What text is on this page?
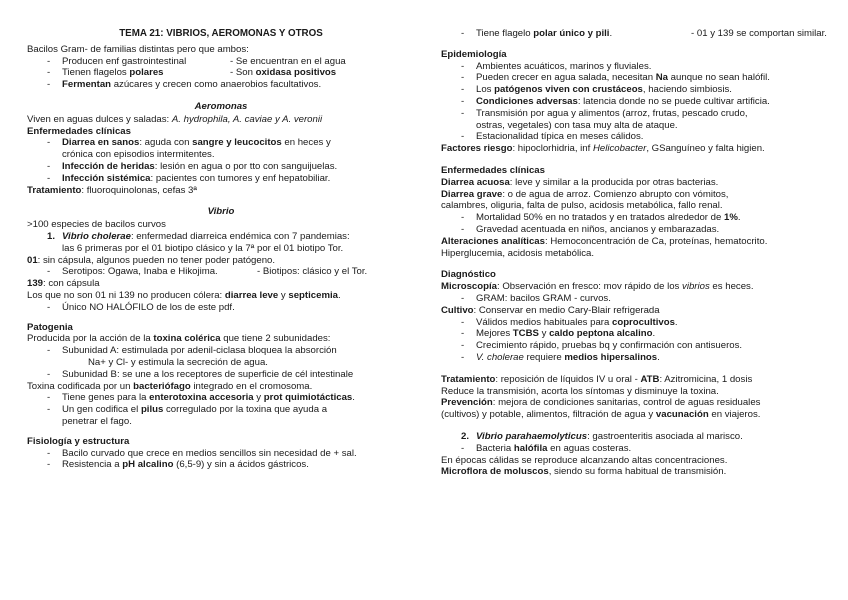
TEMA 21: VIBRIOS, AEROMONAS Y OTROS
Bacilos Gram- de familias distintas pero que ambos:
- Producen enf gastrointestinal	- Se encuentran en el agua
- Tienen flagelos polares	- Son oxidasa positivos
- Fermentan azúcares y crecen como anaerobios facultativos.
Aeromonas
Viven en aguas dulces y saladas: A. hydrophila, A. caviae y A. veronii
Enfermedades clínicas
- Diarrea en sanos: aguda con sangre y leucocitos en heces y
crónica con episodios intermitentes.
- Infección de heridas: lesión en agua o por tto con sanguijuelas.
- Infección sistémica: pacientes con tumores y enf hepatobiliar.
Tratamiento: fluoroquinolonas, cefas 3ª
Vibrio
>100 especies de bacilos curvos
1. Vibrio cholerae: enfermedad diarreica endémica con 7 pandemias:
las 6 primeras por el 01 biotipo clásico y la 7ª por el 01 biotipo Tor.
01: sin cápsula, algunos pueden no tener poder patógeno.
- Serotipos: Ogawa, Inaba e Hikojima.	- Biotipos: clásico y el Tor.
139: con cápsula
Los que no son 01 ni 139 no producen cólera: diarrea leve y septicemia.
- Único NO HALÓFILO de los de este pdf.
Patogenia
Producida por la acción de la toxina colérica que tiene 2 subunidades:
- Subunidad A: estimulada por adenil-ciclasa bloquea la absorción
Na+ y Cl- y estimula la secreción de agua.
- Subunidad B: se une a los receptores de superficie de cél intestinale
Toxina codificada por un bacteriófago integrado en el cromosoma.
- Tiene genes para la enterotoxina accesoria y prot quimiotácticas.
- Un gen codifica el pilus corregulado por la toxina que ayuda a
penetrar el fago.
Fisiología y estructura
- Bacilo curvado que crece en medios sencillos sin necesidad de + sal.
- Resistencia a pH alcalino (6,5-9) y sin a ácidos gástricos.
- Tiene flagelo polar único y pili.	- 01 y 139 se comportan similar.
Epidemiología
- Ambientes acuáticos, marinos y fluviales.
- Pueden crecer en agua salada, necesitan Na aunque no sean halófil.
- Los patógenos viven con crustáceos, haciendo simbiosis.
- Condiciones adversas: latencia donde no se puede cultivar artificia.
- Transmisión por agua y alimentos (arroz, frutas, pescado crudo,
ostras, vegetales) con tasa muy alta de ataque.
- Estacionalidad típica en meses cálidos.
Factores riesgo: hipoclorhidria, inf Helicobacter, GSanguíneo y falta higien.
Enfermedades clínicas
Diarrea acuosa: leve y similar a la producida por otras bacterias.
Diarrea grave: o de agua de arroz. Comienzo abrupto con vómitos,
calambres, oliguria, falta de pulso, acidosis metabólica, fallo renal.
- Mortalidad 50% en no tratados y en tratados alrededor de 1%.
- Gravedad acentuada en niños, ancianos y embarazadas.
Alteraciones analíticas: Hemoconcentración de Ca, proteínas, hematocrito.
Hiperglucemia, acidosis metabólica.
Diagnóstico
Microscopía: Observación en fresco: mov rápido de los vibrios es heces.
- GRAM: bacilos GRAM - curvos.
Cultivo: Conservar en medio Cary-Blair refrigerada
- Válidos medios habituales para coprocultivos.
- Mejores TCBS y caldo peptona alcalino.
- Crecimiento rápido, pruebas bq y confirmación con antisueros.
- V. cholerae requiere medios hipersalinos.
Tratamiento: reposición de líquidos IV u oral - ATB: Azitromicina, 1 dosis
Reduce la transmisión, acorta los síntomas y disminuye la toxina.
Prevención: mejora de condiciones sanitarias, control de aguas residuales
(cultivos) y potable, alimentos, filtración de agua y vacunación en viajeros.
2. Vibrio parahaemolyticus: gastroenteritis asociada al marisco.
- Bacteria halófila en aguas costeras.
En épocas cálidas se reproduce alcanzando altas concentraciones.
Microflora de moluscos, siendo su forma habitual de transmisión.
